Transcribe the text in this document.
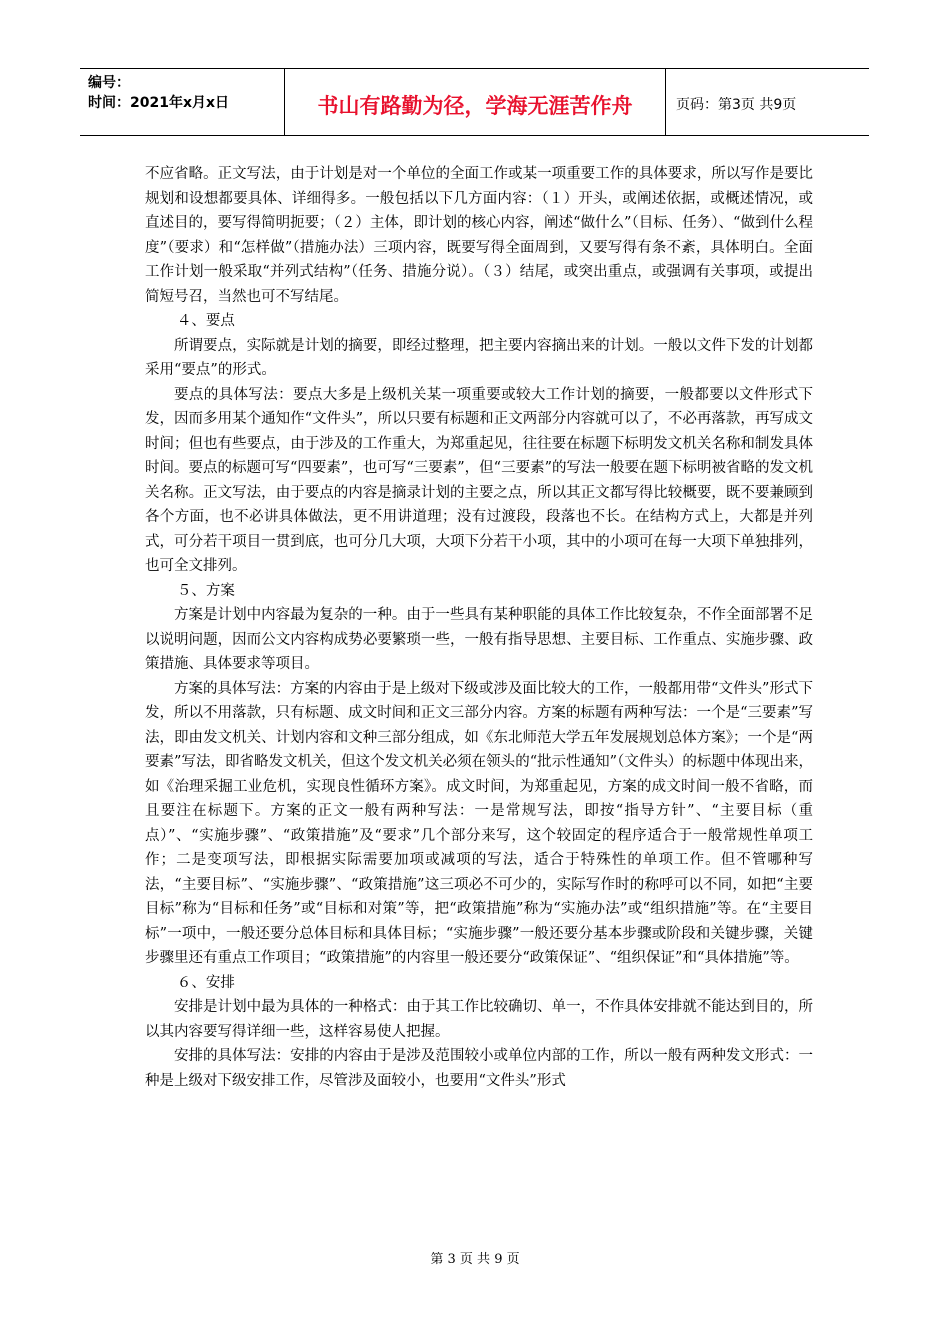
编号：
时间：2021年x月x日	书山有路勤为径，学海无涯苦作舟	页码：第3页 共9页

不应省略。正文写法，由于计划是对一个单位的全面工作或某一项重要工作的具体要求，所以写作是要比规划和设想都要具体、详细得多。一般包括以下几方面内容：（１）开头，或阐述依据，或概述情况，或直述目的，要写得简明扼要；（２）主体，即计划的核心内容，阐述“做什么”（目标、任务）、“做到什么程度”（要求）和“怎样做”（措施办法）三项内容，既要写得全面周到，又要写得有条不紊，具体明白。全面工作计划一般采取“并列式结构”（任务、措施分说）。（３）结尾，或突出重点，或强调有关事项，或提出简短号召，当然也可不写结尾。

４、要点

所谓要点，实际就是计划的摘要，即经过整理，把主要内容摘出来的计划。一般以文件下发的计划都采用“要点”的形式。

要点的具体写法：要点大多是上级机关某一项重要或较大工作计划的摘要，一般都要以文件形式下发，因而多用某个通知作“文件头”，所以只要有标题和正文两部分内容就可以了，不必再落款，再写成文时间；但也有些要点，由于涉及的工作重大，为郑重起见，往往要在标题下标明发文机关名称和制发具体时间。要点的标题可写“四要素”，也可写“三要素”，但“三要素”的写法一般要在题下标明被省略的发文机关名称。正文写法，由于要点的内容是摘录计划的主要之点，所以其正文都写得比较概要，既不要兼顾到各个方面，也不必讲具体做法，更不用讲道理；没有过渡段，段落也不长。在结构方式上，大都是并列式，可分若干项目一贯到底，也可分几大项，大项下分若干小项，其中的小项可在每一大项下单独排列，也可全文排列。

５、方案

方案是计划中内容最为复杂的一种。由于一些具有某种职能的具体工作比较复杂，不作全面部署不足以说明问题，因而公文内容构成势必要繁琐一些，一般有指导思想、主要目标、工作重点、实施步骤、政策措施、具体要求等项目。

方案的具体写法：方案的内容由于是上级对下级或涉及面比较大的工作，一般都用带“文件头”形式下发，所以不用落款，只有标题、成文时间和正文三部分内容。方案的标题有两种写法：一个是“三要素”写法，即由发文机关、计划内容和文种三部分组成，如《东北师范大学五年发展规划总体方案》；一个是“两要素”写法，即省略发文机关，但这个发文机关必须在领头的“批示性通知”（文件头）的标题中体现出来，如《治理采掘工业危机，实现良性循环方案》。成文时间，为郑重起见，方案的成文时间一般不省略，而且要注在标题下。方案的正文一般有两种写法：一是常规写法，即按“指导方针”、“主要目标（重点）”、“实施步骤”、“政策措施”及“要求”几个部分来写，这个较固定的程序适合于一般常规性单项工作；二是变项写法，即根据实际需要加项或减项的写法，适合于特殊性的单项工作。但不管哪种写法，“主要目标”、“实施步骤”、“政策措施”这三项必不可少的，实际写作时的称呼可以不同，如把“主要目标”称为“目标和任务”或“目标和对策”等，把“政策措施”称为“实施办法”或“组织措施”等。在“主要目标”一项中，一般还要分总体目标和具体目标；“实施步骤”一般还要分基本步骤或阶段和关键步骤，关键步骤里还有重点工作项目；“政策措施”的内容里一般还要分“政策保证”、“组织保证”和“具体措施”等。

６、安排

安排是计划中最为具体的一种格式：由于其工作比较确切、单一，不作具体安排就不能达到目的，所以其内容要写得详细一些，这样容易使人把握。

安排的具体写法：安排的内容由于是涉及范围较小或单位内部的工作，所以一般有两种发文形式：一种是上级对下级安排工作，尽管涉及面较小，也要用“文件头”形式

第 3 页 共 9 页
